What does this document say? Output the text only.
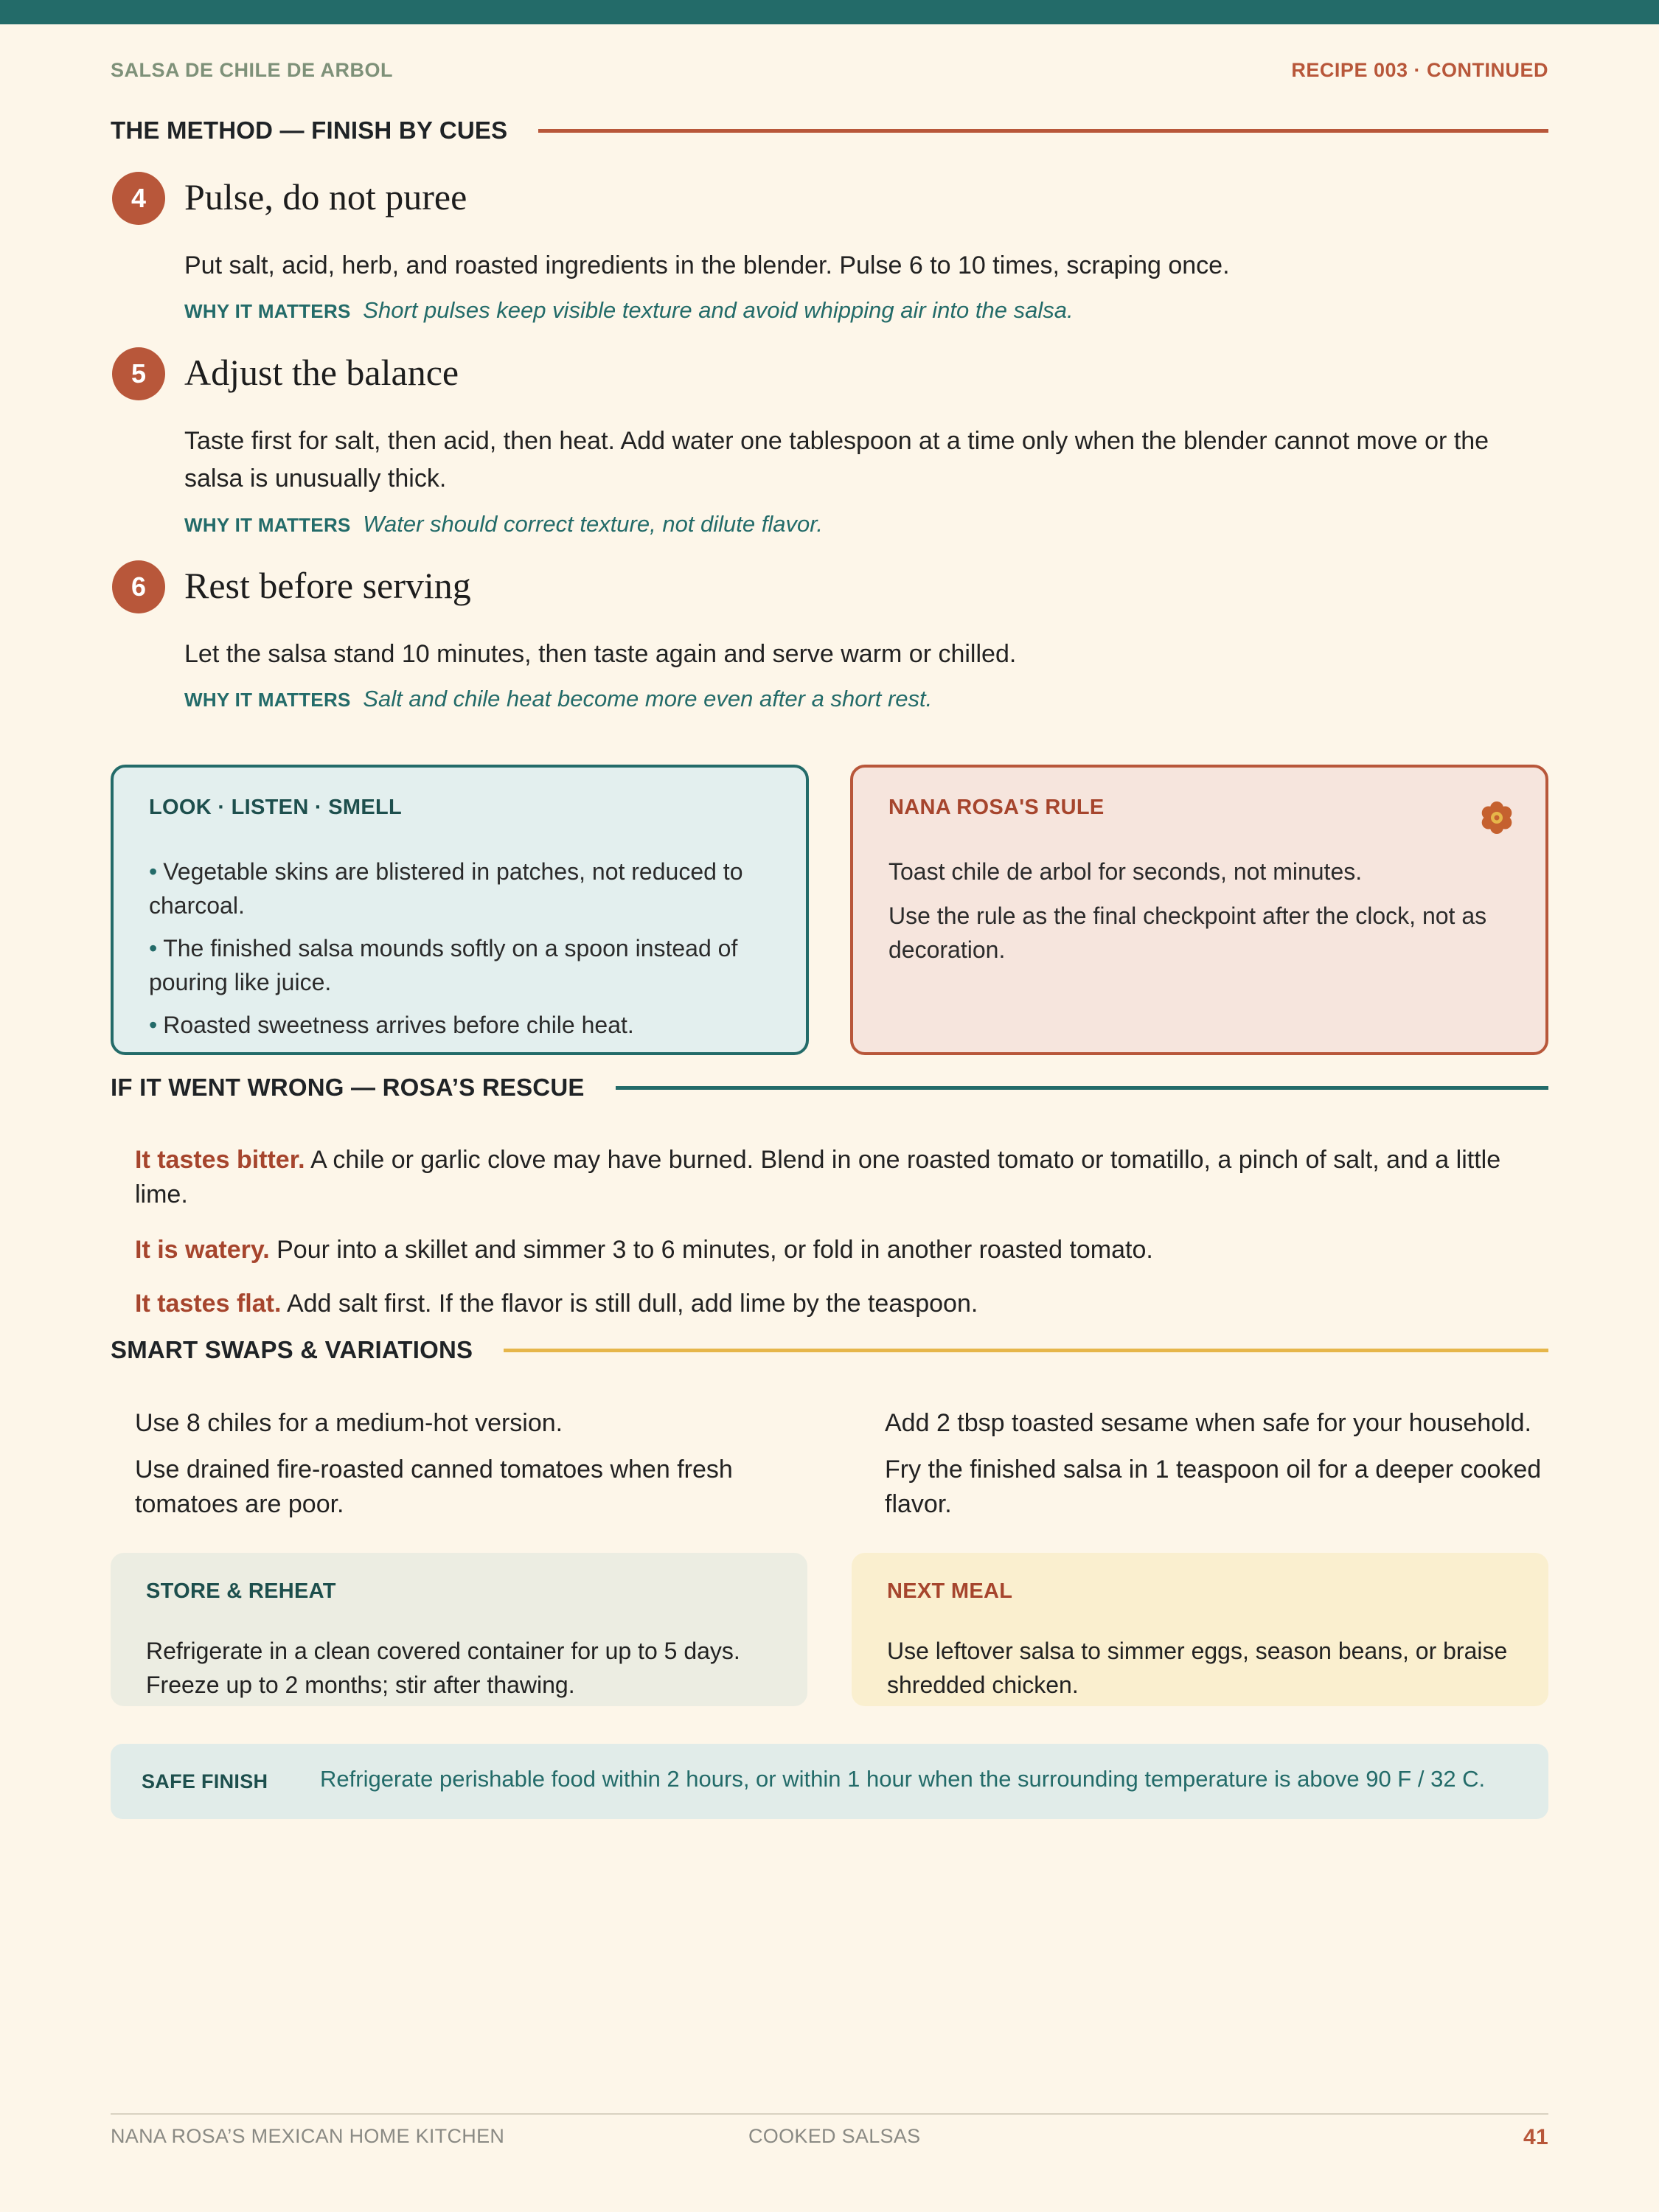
SALSA DE CHILE DE ARBOL	RECIPE 003 · CONTINUED
THE METHOD — FINISH BY CUES
4	Pulse, do not puree
Put salt, acid, herb, and roasted ingredients in the blender. Pulse 6 to 10 times, scraping once.
WHY IT MATTERS Short pulses keep visible texture and avoid whipping air into the salsa.
5	Adjust the balance
Taste first for salt, then acid, then heat. Add water one tablespoon at a time only when the blender cannot move or the salsa is unusually thick.
WHY IT MATTERS Water should correct texture, not dilute flavor.
6	Rest before serving
Let the salsa stand 10 minutes, then taste again and serve warm or chilled.
WHY IT MATTERS Salt and chile heat become more even after a short rest.
LOOK · LISTEN · SMELL
• Vegetable skins are blistered in patches, not reduced to charcoal.
• The finished salsa mounds softly on a spoon instead of pouring like juice.
• Roasted sweetness arrives before chile heat.
NANA ROSA'S RULE

Toast chile de arbol for seconds, not minutes.

Use the rule as the final checkpoint after the clock, not as decoration.

IF IT WENT WRONG — ROSA’S RESCUE
It tastes bitter. A chile or garlic clove may have burned. Blend in one roasted tomato or tomatillo, a pinch of salt, and a little lime.
It is watery. Pour into a skillet and simmer 3 to 6 minutes, or fold in another roasted tomato.
It tastes flat. Add salt first. If the flavor is still dull, add lime by the teaspoon.
SMART SWAPS & VARIATIONS
Use 8 chiles for a medium-hot version.
Use drained fire-roasted canned tomatoes when fresh tomatoes are poor.
Add 2 tbsp toasted sesame when safe for your household.
Fry the finished salsa in 1 teaspoon oil for a deeper cooked flavor.
STORE & REHEAT
Refrigerate in a clean covered container for up to 5 days. Freeze up to 2 months; stir after thawing.
NEXT MEAL
Use leftover salsa to simmer eggs, season beans, or braise shredded chicken.
SAFE FINISH Refrigerate perishable food within 2 hours, or within 1 hour when the surrounding temperature is above 90 F / 32 C.
NANA ROSA’S MEXICAN HOME KITCHEN	COOKED SALSAS	41
